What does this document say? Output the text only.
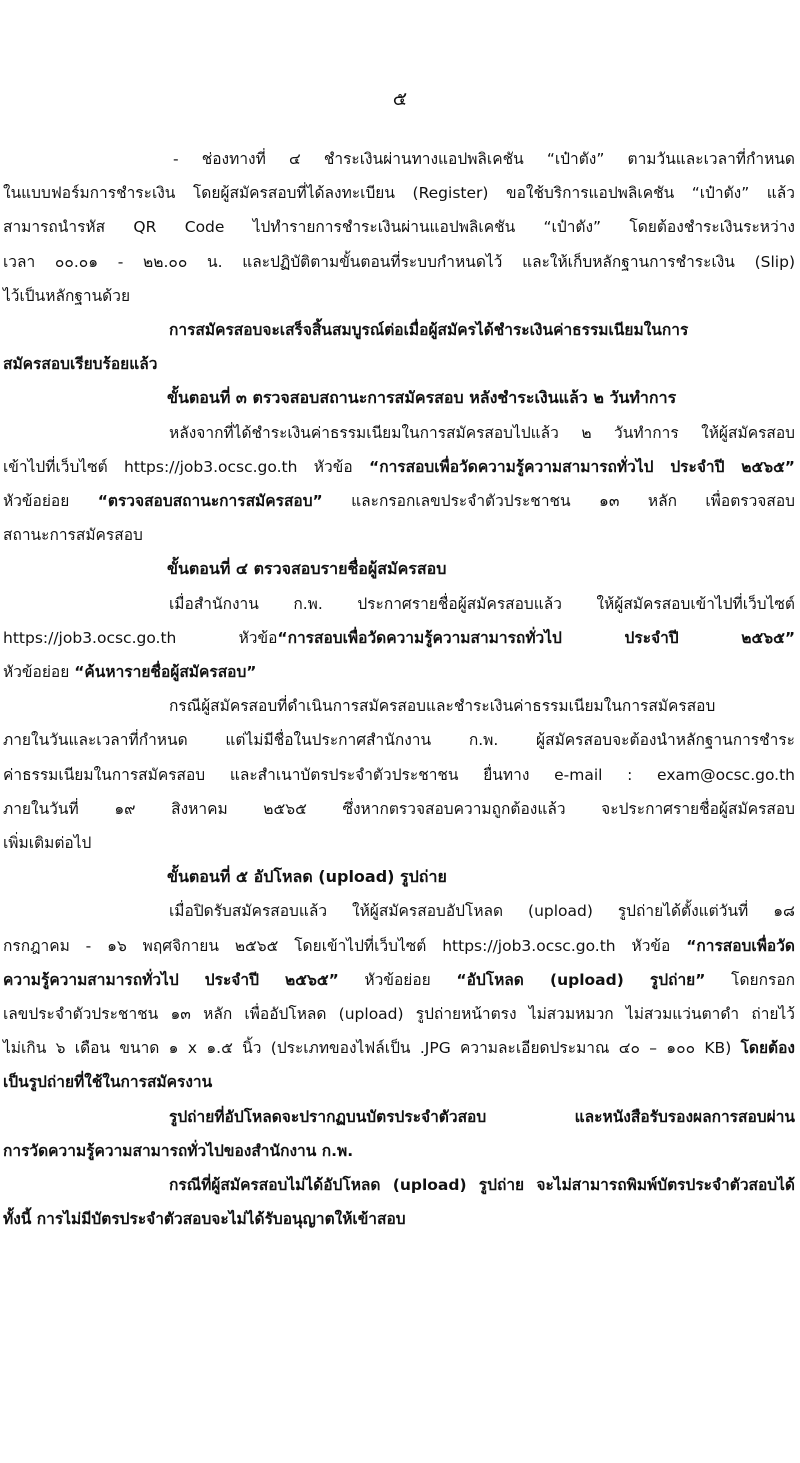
๕

- ช่องทางที่ ๔ ชำระเงินผ่านทางแอปพลิเคชัน “เป๋าตัง” ตามวันและเวลาที่กำหนด

ในแบบฟอร์มการชำระเงิน โดยผู้สมัครสอบที่ได้ลงทะเบียน (Register) ขอใช้บริการแอปพลิเคชัน “เป๋าตัง” แล้ว

สามารถนำรหัส QR Code ไปทำรายการชำระเงินผ่านแอปพลิเคชัน “เป๋าตัง” โดยต้องชำระเงินระหว่าง

เวลา ๐๐.๐๑ - ๒๒.๐๐ น. และปฏิบัติตามขั้นตอนที่ระบบกำหนดไว้ และให้เก็บหลักฐานการชำระเงิน (Slip)

ไว้เป็นหลักฐานด้วย

การสมัครสอบจะเสร็จสิ้นสมบูรณ์ต่อเมื่อผู้สมัครได้ชำระเงินค่าธรรมเนียมในการ

สมัครสอบเรียบร้อยแล้ว

ขั้นตอนที่ ๓ ตรวจสอบสถานะการสมัครสอบ หลังชำระเงินแล้ว ๒ วันทำการ

หลังจากที่ได้ชำระเงินค่าธรรมเนียมในการสมัครสอบไปแล้ว ๒ วันทำการ ให้ผู้สมัครสอบ

เข้าไปที่เว็บไซต์ https://job3.ocsc.go.th หัวข้อ “การสอบเพื่อวัดความรู้ความสามารถทั่วไป ประจำปี ๒๕๖๕”

หัวข้อย่อย “ตรวจสอบสถานะการสมัครสอบ” และกรอกเลขประจำตัวประชาชน ๑๓ หลัก เพื่อตรวจสอบ

สถานะการสมัครสอบ

ขั้นตอนที่ ๔ ตรวจสอบรายชื่อผู้สมัครสอบ

เมื่อสำนักงาน ก.พ. ประกาศรายชื่อผู้สมัครสอบแล้ว ให้ผู้สมัครสอบเข้าไปที่เว็บไซต์

https://job3.ocsc.go.th หัวข้อ“การสอบเพื่อวัดความรู้ความสามารถทั่วไป ประจำปี ๒๕๖๕”

หัวข้อย่อย “ค้นหารายชื่อผู้สมัครสอบ”

กรณีผู้สมัครสอบที่ดำเนินการสมัครสอบและชำระเงินค่าธรรมเนียมในการสมัครสอบ

ภายในวันและเวลาที่กำหนด แต่ไม่มีชื่อในประกาศสำนักงาน ก.พ. ผู้สมัครสอบจะต้องนำหลักฐานการชำระ

ค่าธรรมเนียมในการสมัครสอบ และสำเนาบัตรประจำตัวประชาชน ยื่นทาง e-mail : exam@ocsc.go.th

ภายในวันที่ ๑๙ สิงหาคม ๒๕๖๕ ซึ่งหากตรวจสอบความถูกต้องแล้ว จะประกาศรายชื่อผู้สมัครสอบ

เพิ่มเติมต่อไป

ขั้นตอนที่ ๕ อัปโหลด (upload) รูปถ่าย

เมื่อปิดรับสมัครสอบแล้ว ให้ผู้สมัครสอบอัปโหลด (upload) รูปถ่ายได้ตั้งแต่วันที่ ๑๘

กรกฎาคม - ๑๖ พฤศจิกายน ๒๕๖๕ โดยเข้าไปที่เว็บไซต์ https://job3.ocsc.go.th หัวข้อ “การสอบเพื่อวัด

ความรู้ความสามารถทั่วไป ประจำปี ๒๕๖๕” หัวข้อย่อย “อัปโหลด (upload) รูปถ่าย” โดยกรอก

เลขประจำตัวประชาชน ๑๓ หลัก เพื่ออัปโหลด (upload) รูปถ่ายหน้าตรง ไม่สวมหมวก ไม่สวมแว่นตาดำ ถ่ายไว้

ไม่เกิน ๖ เดือน ขนาด ๑ x ๑.๕ นิ้ว (ประเภทของไฟล์เป็น .JPG ความละเอียดประมาณ ๔๐ – ๑๐๐ KB) โดยต้อง

เป็นรูปถ่ายที่ใช้ในการสมัครงาน

รูปถ่ายที่อัปโหลดจะปรากฏบนบัตรประจำตัวสอบ และหนังสือรับรองผลการสอบผ่าน

การวัดความรู้ความสามารถทั่วไปของสำนักงาน ก.พ.

กรณีที่ผู้สมัครสอบไม่ได้อัปโหลด (upload) รูปถ่าย จะไม่สามารถพิมพ์บัตรประจำตัวสอบได้

ทั้งนี้ การไม่มีบัตรประจำตัวสอบจะไม่ได้รับอนุญาตให้เข้าสอบ
